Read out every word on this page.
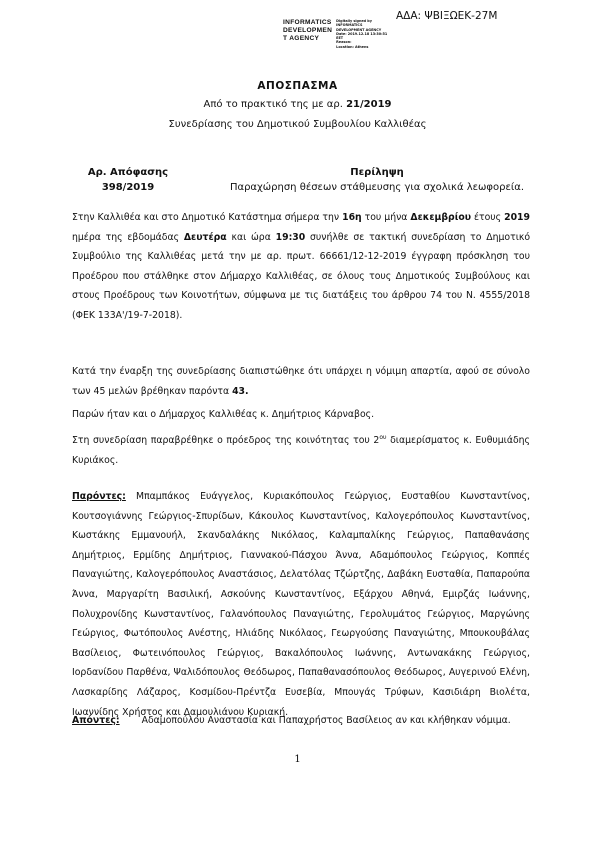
ΑΔΑ: ΨΒΙΞΩΕΚ-27Μ
INFORMATICS
DEVELOPMEN
T AGENCY
Digitally signed by
INFORMATICS
DEVELOPMENT AGENCY
Date: 2019.12.18 13:30:51
EET
Reason:
Location: Athens
ΑΠΟΣΠΑΣΜΑ
Από το πρακτικό της με αρ. 21/2019
Συνεδρίασης του Δημοτικού Συμβουλίου Καλλιθέας
Αρ. Απόφασης
398/2019
Περίληψη
Παραχώρηση θέσεων στάθμευσης για σχολικά λεωφορεία.
Στην Καλλιθέα και στο Δημοτικό Κατάστημα σήμερα την 16η του μήνα Δεκεμβρίου έτους 2019 ημέρα της εβδομάδας Δευτέρα και ώρα 19:30 συνήλθε σε τακτική συνεδρίαση το Δημοτικό Συμβούλιο της Καλλιθέας μετά την με αρ. πρωτ. 66661/12-12-2019 έγγραφη πρόσκληση του Προέδρου που στάλθηκε στον Δήμαρχο Καλλιθέας, σε όλους τους Δημοτικούς Συμβούλους και στους Προέδρους των Κοινοτήτων, σύμφωνα με τις διατάξεις του άρθρου 74 του Ν. 4555/2018 (ΦΕΚ 133Α'/19-7-2018).
Κατά την έναρξη της συνεδρίασης διαπιστώθηκε ότι υπάρχει η νόμιμη απαρτία, αφού σε σύνολο των 45 μελών βρέθηκαν παρόντα 43.
Παρών ήταν και ο Δήμαρχος Καλλιθέας κ. Δημήτριος Κάρναβος.
Στη συνεδρίαση παραβρέθηκε ο πρόεδρος της κοινότητας του $2^{o\upsilon}$ διαμερίσματος κ. Ευθυμιάδης Κυριάκος.
Παρόντες: Μπαμπάκος Ευάγγελος, Κυριακόπουλος Γεώργιος, Ευσταθίου Κωνσταντίνος, Κουτσογιάννης Γεώργιος-Σπυρίδων, Κάκουλος Κωνσταντίνος, Καλογερόπουλος Κωνσταντίνος, Κωστάκης Εμμανουήλ, Σκανδαλάκης Νικόλαος, Καλαμπαλίκης Γεώργιος, Παπαθανάσης Δημήτριος, Ερμίδης Δημήτριος, Γιαννακού-Πάσχου Άννα, Αδαμόπουλος Γεώργιος, Κοππές Παναγιώτης, Καλογερόπουλος Αναστάσιος, Δελατόλας Τζώρτζης, Δαβάκη Ευσταθία, Παπαρούπα Άννα, Μαργαρίτη Βασιλική, Ασκούνης Κωνσταντίνος, Εξάρχου Αθηνά, Εμιρζάς Ιωάννης, Πολυχρονίδης Κωνσταντίνος, Γαλανόπουλος Παναγιώτης, Γερολυμάτος Γεώργιος, Μαργώνης Γεώργιος, Φωτόπουλος Ανέστης, Ηλιάδης Νικόλαος, Γεωργούσης Παναγιώτης, Μπουκουβάλας Βασίλειος, Φωτεινόπουλος Γεώργιος, Βακαλόπουλος Ιωάννης, Αντωνακάκης Γεώργιος, Ιορδανίδου Παρθένα, Ψαλιδόπουλος Θεόδωρος, Παπαθανασόπουλος Θεόδωρος, Αυγερινού Ελένη, Λασκαρίδης Λάζαρος, Κοσμίδου-Πρέντζα Ευσεβία, Μπουγάς Τρύφων, Κασιδιάρη Βιολέτα, Ιωαννίδης Χρήστος και Δαμουλιάνου Κυριακή.
Απόντες: Αδαμοπούλου Αναστασία και Παπαχρήστος Βασίλειος αν και κλήθηκαν νόμιμα.
1
